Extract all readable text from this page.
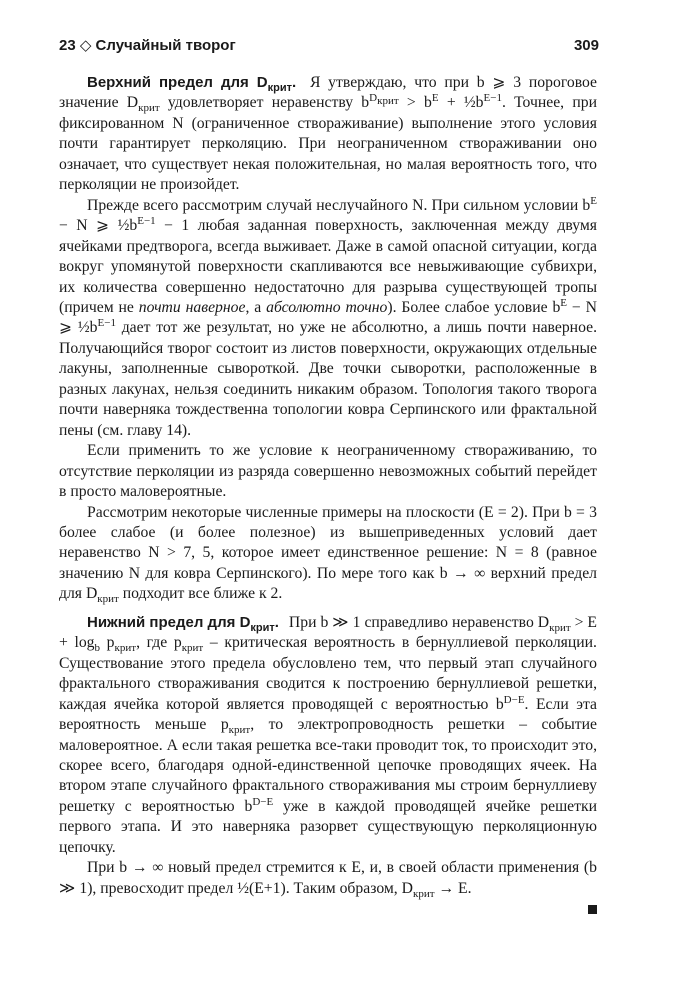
23 ◇ Случайный творог	309

Верхний предел для $D_{крит}$. Я утверждаю, что при b ⩾ 3 пороговое значение $D_{крит}$ удовлетворяет неравенству $b^{D_{крит}} > b^E$ + $\frac{1}{2}b^{E-1}$. Точнее, при фиксированном N (ограниченное створаживание) выполнение этого условия почти гарантирует перколяцию. При неограниченном створаживании оно означает, что существует некая положительная, но малая вероятность того, что перколяции не произойдет.

Прежде всего рассмотрим случай неслучайного N. При сильном условии $b^E - N$ ⩾ $\frac{1}{2}b^{E-1} - 1$ любая заданная поверхность, заключенная между двумя ячейками предтворога, всегда выживает. Даже в самой опасной ситуации, когда вокруг упомянутой поверхности скапливаются все невыживающие субвихри, их количества совершенно недостаточно для разрыва существующей тропы (причем не почти наверное, а абсолютно точно). Более слабое условие $b^E - N$ ⩾ $\frac{1}{2}b^{E-1}$ дает тот же результат, но уже не абсолютно, а лишь почти наверное. Получающийся творог состоит из листов поверхности, окружающих отдельные лакуны, заполненные сывороткой. Две точки сыворотки, расположенные в разных лакунах, нельзя соединить никаким образом. Топология такого творога почти наверняка тождественна топологии ковра Серпинского или фрактальной пены (см. главу 14).

Если применить то же условие к неограниченному створаживанию, то отсутствие перколяции из разряда совершенно невозможных событий перейдет в просто маловероятные.

Рассмотрим некоторые численные примеры на плоскости (E = 2). При b = 3 более слабое (и более полезное) из вышеприведенных условий дает неравенство N > 7, 5, которое имеет единственное решение: N = 8 (равное значению N для ковра Серпинского). По мере того как b → ∞ верхний предел для $D_{крит}$ подходит все ближе к 2.

Нижний предел для $D_{крит}$. При b ≫ 1 справедливо неравенство $D_{крит} > E + \log_b p_{крит}$, где $p_{крит}$ – критическая вероятность в бернуллиевой перколяции. Существование этого предела обусловлено тем, что первый этап случайного фрактального створаживания сводится к построению бернуллиевой решетки, каждая ячейка которой является проводящей с вероятностью $b^{D-E}$. Если эта вероятность меньше $p_{крит}$, то электропроводность решетки – событие маловероятное. А если такая решетка все-таки проводит ток, то происходит это, скорее всего, благодаря одной-единственной цепочке проводящих ячеек. На втором этапе случайного фрактального створаживания мы строим бернуллиеву решетку с вероятностью $b^{D-E}$ уже в каждой проводящей ячейке решетки первого этапа. И это наверняка разорвет существующую перколяционную цепочку.

При b → ∞ новый предел стремится к E, и, в своей области применения (b ≫ 1), превосходит предел ½(E+1). Таким образом, $D_{крит} \to E$.
